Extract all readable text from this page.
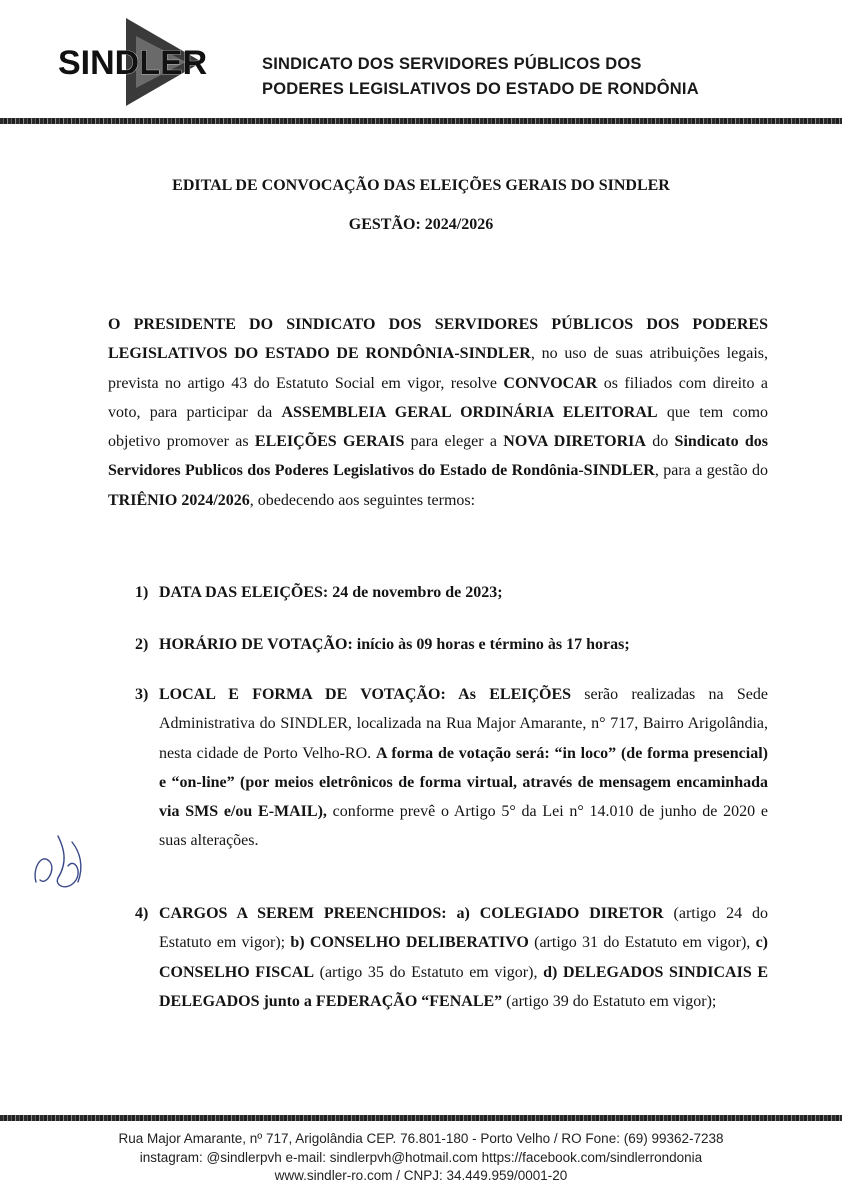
SINDLER	SINDICATO DOS SERVIDORES PÚBLICOS DOS
PODERES LEGISLATIVOS DO ESTADO DE RONDÔNIA
EDITAL DE CONVOCAÇÃO DAS ELEIÇÕES GERAIS DO SINDLER
GESTÃO: 2024/2026

O PRESIDENTE DO SINDICATO DOS SERVIDORES PÚBLICOS DOS PODERES LEGISLATIVOS DO ESTADO DE RONDÔNIA-SINDLER, no uso de suas atribuições legais, prevista no artigo 43 do Estatuto Social em vigor, resolve CONVOCAR os filiados com direito a voto, para participar da ASSEMBLEIA GERAL ORDINÁRIA ELEITORAL que tem como objetivo promover as ELEIÇÕES GERAIS para eleger a NOVA DIRETORIA do Sindicato dos Servidores Publicos dos Poderes Legislativos do Estado de Rondônia-SINDLER, para a gestão do TRIÊNIO 2024/2026, obedecendo aos seguintes termos:

1) DATA DAS ELEIÇÕES: 24 de novembro de 2023;
2) HORÁRIO DE VOTAÇÃO: início às 09 horas e término às 17 horas;
3) LOCAL E FORMA DE VOTAÇÃO: As ELEIÇÕES serão realizadas na Sede Administrativa do SINDLER, localizada na Rua Major Amarante, n° 717, Bairro Arigolândia, nesta cidade de Porto Velho-RO. A forma de votação será: “in loco” (de forma presencial) e “on-line” (por meios eletrônicos de forma virtual, através de mensagem encaminhada via SMS e/ou E-MAIL), conforme prevê o Artigo 5° da Lei n° 14.010 de junho de 2020 e suas alterações.
4) CARGOS A SEREM PREENCHIDOS: a) COLEGIADO DIRETOR (artigo 24 do Estatuto em vigor); b) CONSELHO DELIBERATIVO (artigo 31 do Estatuto em vigor), c) CONSELHO FISCAL (artigo 35 do Estatuto em vigor), d) DELEGADOS SINDICAIS E DELEGADOS junto a FEDERAÇÃO “FENALE” (artigo 39 do Estatuto em vigor);
Rua Major Amarante, nº 717, Arigolândia CEP. 76.801-180 - Porto Velho / RO Fone: (69) 99362-7238
instagram: @sindlerpvh e-mail: sindlerpvh@hotmail.com https://facebook.com/sindlerrondonia
www.sindler-ro.com / CNPJ: 34.449.959/0001-20
